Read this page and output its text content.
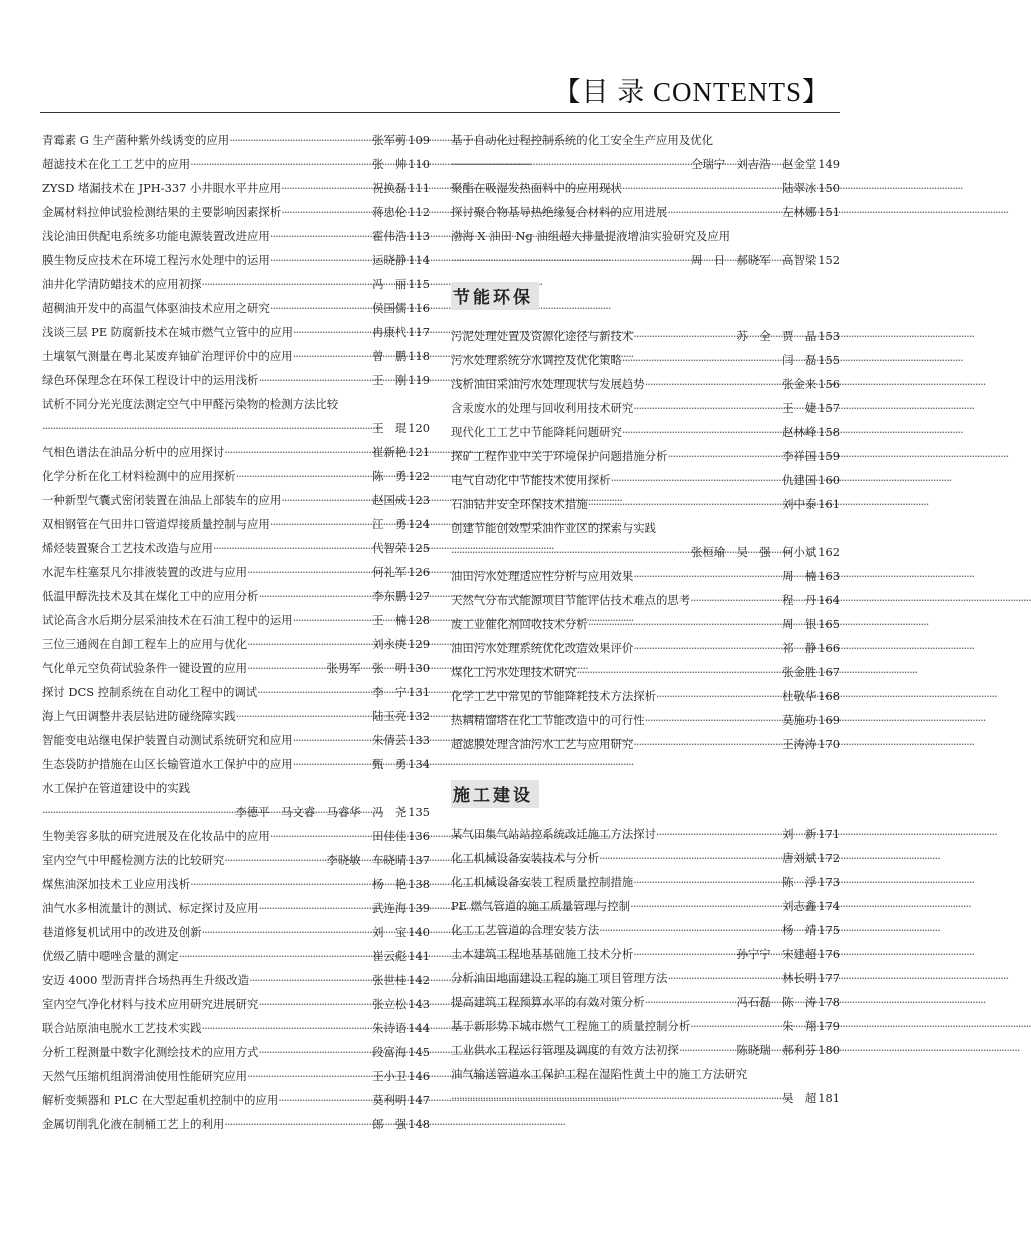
【目 录 CONTENTS】
青霉素 G 生产菌种紫外线诱变的应用 ·····	张军剪 109
超滤技术在化工工艺中的应用 ·····	张　帅 110
ZYSD 堵漏技术在 JPH-337 小井眼水平井应用 ·····	祝换磊 111
金属材料拉伸试验检测结果的主要影响因素探析 ·····	蒋忠伦 112
浅论油田供配电系统多功能电源装置改进应用 ·····	霍伟浩 113
膜生物反应技术在环境工程污水处理中的运用 ·····	运晓静 114
油井化学清防蜡技术的应用初探 ·····	冯　丽 115
超稠油开发中的高温气体驱油技术应用之研究 ·····	侯国儒 116
浅谈三层 PE 防腐新技术在城市燃气立管中的应用 ·····	冉康杙 117
土壤氡气测量在粤北某废弃铀矿治理评价中的应用 ·····	曾　鹏 118
绿色环保理念在环保工程设计中的运用浅析 ·····	王　刚 119
试析不同分光光度法测定空气中甲醛污染物的检测方法比较
·····
王　琨 120
气相色谱法在油品分析中的应用探讨 ·····	崔新艳 121
化学分析在化工材料检测中的应用探析 ·····	陈　勇 122
一种新型气囊式密闭装置在油品上部装车的应用 ·····	赵国成 123
双相钢管在气田井口管道焊接质量控制与应用 ·····	江　勇 124
烯烃装置聚合工艺技术改造与应用 ·····	代智荣 125
水泥车柱塞泵凡尔排液装置的改进与应用 ·····	何礼军 126
低温甲醇洗技术及其在煤化工中的应用分析 ·····	李东鹏 127
试论高含水后期分层采油技术在石油工程中的运用 ·····	王　楠 128
三位三通阀在自卸工程车上的应用与优化 ·····	刘永庚 129
气化单元空负荷试验条件一键设置的应用 ·····	张男军　张　明 130
探讨 DCS 控制系统在自动化工程中的调试 ·····	李　宁 131
海上气田调整井表层钻进防碰绕障实践 ·····	陆玉亮 132
智能变电站继电保护装置自动测试系统研究和应用 ·····	朱倩芸 133
生态袋防护措施在山区长输管道水工保护中的应用 ·····	甄　勇 134
水工保护在管道建设中的实践
·····
李德平　马文睿　马睿华　冯　尧 135
生物美容多肽的研究进展及在化妆品中的应用 ·····	田佳佳 136
室内空气中甲醛检测方法的比较研究 ·····	李晓敏　车晓晴 137
煤焦油深加技术工业应用浅析 ·····	杨　艳 138
油气水多相流量计的测试、标定探讨及应用 ·····	武连海 139
巷道修复机试用中的改进及创新 ·····	刘　宝 140
优级乙腈中噁唑含量的测定 ·····	崔云彪 141
安迈 4000 型沥青拌合场热再生升级改造 ·····	张世桂 142
室内空气净化材料与技术应用研究进展研究 ·····	张立松 143
联合站原油电脱水工艺技术实践 ·····	朱诗语 144
分析工程测量中数字化测绘技术的应用方式 ·····	段富海 145
天然气压缩机组润滑油使用性能研究应用 ·····	王小卫 146
解析变频器和 PLC 在大型起重机控制中的应用 ·····	莫利明 147
金属切削乳化液在制桶工艺上的利用 ·····	郎　强 148
基于自动化过程控制系统的化工安全生产应用及优化
·····
仝瑞宁　刘吉浩　赵金堂 149
聚酯在吸湿发热面料中的应用现状 ·····	陆翠冰 150
探讨聚合物基导热绝缘复合材料的应用进展 ·····	左林娜 151
渤海 X 油田 Ng 油组超大排量提液增油实验研究及应用
·····
周　日　郝晓军　高智梁 152
节能环保
污泥处理处置及资源化途径与新技术 ·····	苏　全　贾　晶 153
污水处理系统分水调控及优化策略 ·····	闫　磊 155
浅析油田采油污水处理现状与发展趋势 ·····	张金来 156
含汞废水的处理与回收利用技术研究 ·····	王　婕 157
现代化工工艺中节能降耗问题研究 ·····	赵林峰 158
探矿工程作业中关于环境保护问题措施分析 ·····	李祥国 159
电气自动化中节能技术使用探析 ·····	仇建国 160
石油钻井安全环保技术措施 ·····	刘中泰 161
创建节能创效型采油作业区的探索与实践
·····
张桓瑜　吴　强　何小斌 162
油田污水处理适应性分析与应用效果 ·····	周　楠 163
天然气分布式能源项目节能评估技术难点的思考 ·····	程　丹 164
废工业催化剂回收技术分析 ·····	周　银 165
油田污水处理系统优化改造效果评价 ·····	祁　静 166
煤化工污水处理技术研究 ·····	张金胜 167
化学工艺中常见的节能降耗技术方法探析 ·····	杜敬华 168
热耦精馏塔在化工节能改造中的可行性 ·····	莫施功 169
超滤膜处理含油污水工艺与应用研究 ·····	王涛涛 170
施工建设
某气田集气站站控系统改迁施工方法探讨 ·····	刘　新 171
化工机械设备安装技术与分析 ·····	唐刘斌 172
化工机械设备安装工程质量控制措施 ·····	陈　浮 173
PE 燃气管道的施工质量管理与控制 ·····	刘志鑫 174
化工工艺管道的合理安装方法 ·····	杨　靖 175
土木建筑工程地基基础施工技术分析 ·····	孙宁宁　宋建超 176
分析油田地面建设工程的施工项目管理方法 ·····	林长明 177
提高建筑工程预算水平的有效对策分析 ·····	冯石磊　陈　涛 178
基于新形势下城市燃气工程施工的质量控制分析 ·····	朱　翔 179
工业供水工程运行管理及调度的有效方法初探 ·····	陈晓瑞　郝利芬 180
油气输送管道水工保护工程在湿陷性黄土中的施工方法研究
·····
吴　超 181
